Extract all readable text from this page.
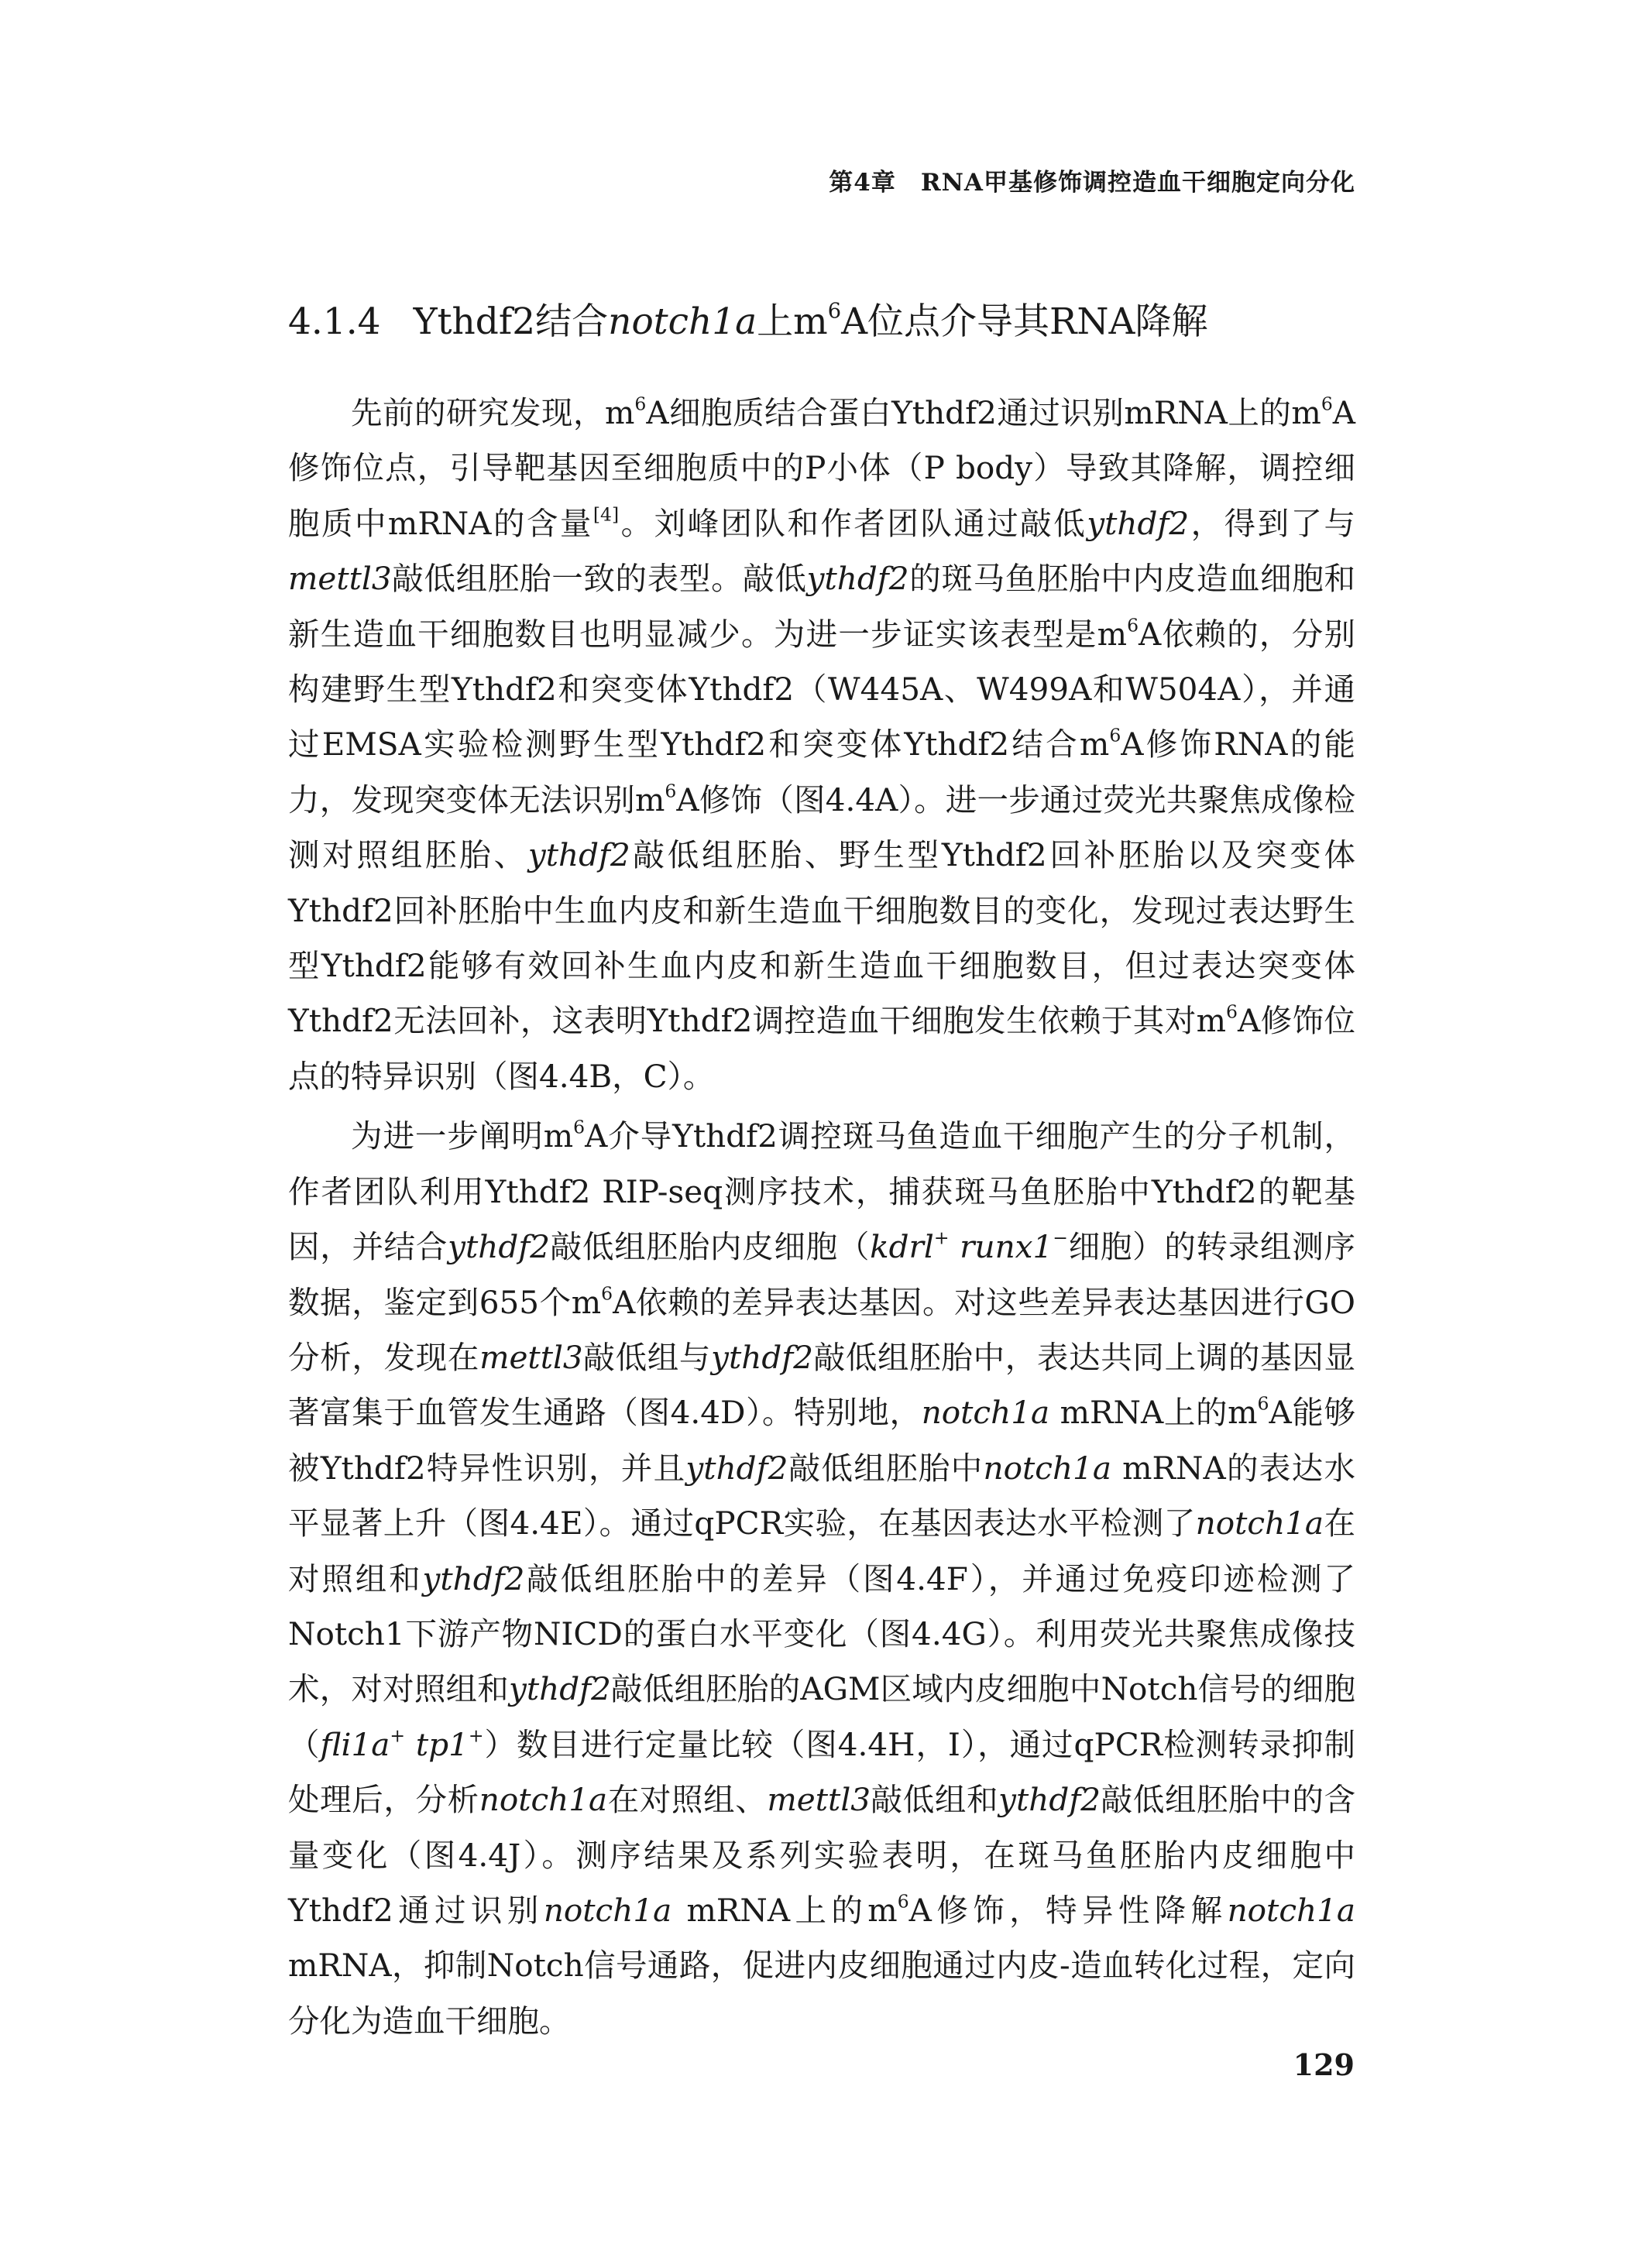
第4章　RNA甲基修饰调控造血干细胞定向分化
4.1.4 Ythdf2结合notch1a上$m^6A$位点介导其RNA降解

先前的研究发现，$m^6A$细胞质结合蛋白Ythdf2通过识别mRNA上的$m^6A$修饰位点，引导靶基因至细胞质中的P小体（P body）导致其降解，调控细胞质中mRNA的含量[4]。刘峰团队和作者团队通过敲低ythdf2，得到了与mettl3敲低组胚胎一致的表型。敲低ythdf2的斑马鱼胚胎中内皮造血细胞和新生造血干细胞数目也明显减少。为进一步证实该表型是$m^6A$依赖的，分别构建野生型Ythdf2和突变体Ythdf2（W445A、W499A和W504A），并通过EMSA实验检测野生型Ythdf2和突变体Ythdf2结合$m^6A$修饰RNA的能力，发现突变体无法识别$m^6A$修饰（图4.4A）。进一步通过荧光共聚焦成像检测对照组胚胎、ythdf2敲低组胚胎、野生型Ythdf2回补胚胎以及突变体Ythdf2回补胚胎中生血内皮和新生造血干细胞数目的变化，发现过表达野生型Ythdf2能够有效回补生血内皮和新生造血干细胞数目，但过表达突变体Ythdf2无法回补，这表明Ythdf2调控造血干细胞发生依赖于其对$m^6A$修饰位点的特异识别（图4.4B，C）。

为进一步阐明$m^6A$介导Ythdf2调控斑马鱼造血干细胞产生的分子机制，作者团队利用Ythdf2 RIP-seq测序技术，捕获斑马鱼胚胎中Ythdf2的靶基因，并结合ythdf2敲低组胚胎内皮细胞（kdrl+ runx1−细胞）的转录组测序数据，鉴定到655个$m^6A$依赖的差异表达基因。对这些差异表达基因进行GO分析，发现在mettl3敲低组与ythdf2敲低组胚胎中，表达共同上调的基因显著富集于血管发生通路（图4.4D）。特别地，notch1a mRNA上的$m^6A$能够被Ythdf2特异性识别，并且ythdf2敲低组胚胎中notch1a mRNA的表达水平显著上升（图4.4E）。通过qPCR实验，在基因表达水平检测了notch1a在对照组和ythdf2敲低组胚胎中的差异（图4.4F），并通过免疫印迹检测了Notch1下游产物NICD的蛋白水平变化（图4.4G）。利用荧光共聚焦成像技术，对对照组和ythdf2敲低组胚胎的AGM区域内皮细胞中Notch信号的细胞（fli1a+ tp1+）数目进行定量比较（图4.4H，I），通过qPCR检测转录抑制处理后，分析notch1a在对照组、mettl3敲低组和ythdf2敲低组胚胎中的含量变化（图4.4J）。测序结果及系列实验表明，在斑马鱼胚胎内皮细胞中Ythdf2通过识别notch1a mRNA上的$m^6A$修饰，特异性降解notch1a mRNA，抑制Notch信号通路，促进内皮细胞通过内皮-造血转化过程，定向分化为造血干细胞。

129
